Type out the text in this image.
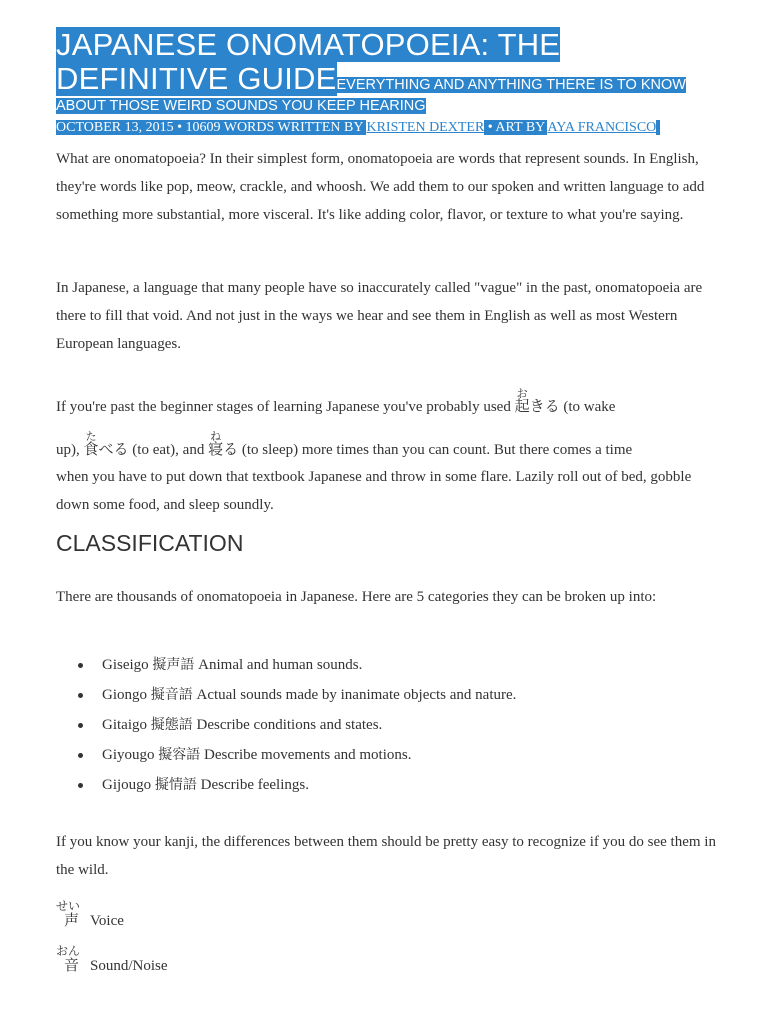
JAPANESE ONOMATOPOEIA: THE DEFINITIVE GUIDEEVERYTHING AND ANYTHING THERE IS TO KNOW ABOUT THOSE WEIRD SOUNDS YOU KEEP HEARING
OCTOBER 13, 2015 • 10609 WORDS WRITTEN BY KRISTEN DEXTER • ART BY AYA FRANCISCO

What are onomatopoeia? In their simplest form, onomatopoeia are words that represent sounds. In English, they're words like pop, meow, crackle, and whoosh. We add them to our spoken and written language to add something more substantial, more visceral. It's like adding color, flavor, or texture to what you're saying.

In Japanese, a language that many people have so inaccurately called "vague" in the past, onomatopoeia are there to fill that void. And not just in the ways we hear and see them in English as well as most Western European languages.

If you're past the beginner stages of learning Japanese you've probably used 起おきる (to wake
up), 食たべる (to eat), and 寝ねる (to sleep) more times than you can count. But there comes a time
when you have to put down that textbook Japanese and throw in some flare. Lazily roll out of bed, gobble down some food, and sleep soundly.
CLASSIFICATION

There are thousands of onomatopoeia in Japanese. Here are 5 categories they can be broken up into:

Giseigo 擬声語 Animal and human sounds.
Giongo 擬音語 Actual sounds made by inanimate objects and nature.
Gitaigo 擬態語 Describe conditions and states.
Giyougo 擬容語 Describe movements and motions.
Gijougo 擬情語 Describe feelings.

If you know your kanji, the differences between them should be pretty easy to recognize if you do see them in the wild.

せい
声 Voice
おん
音 Sound/Noise
